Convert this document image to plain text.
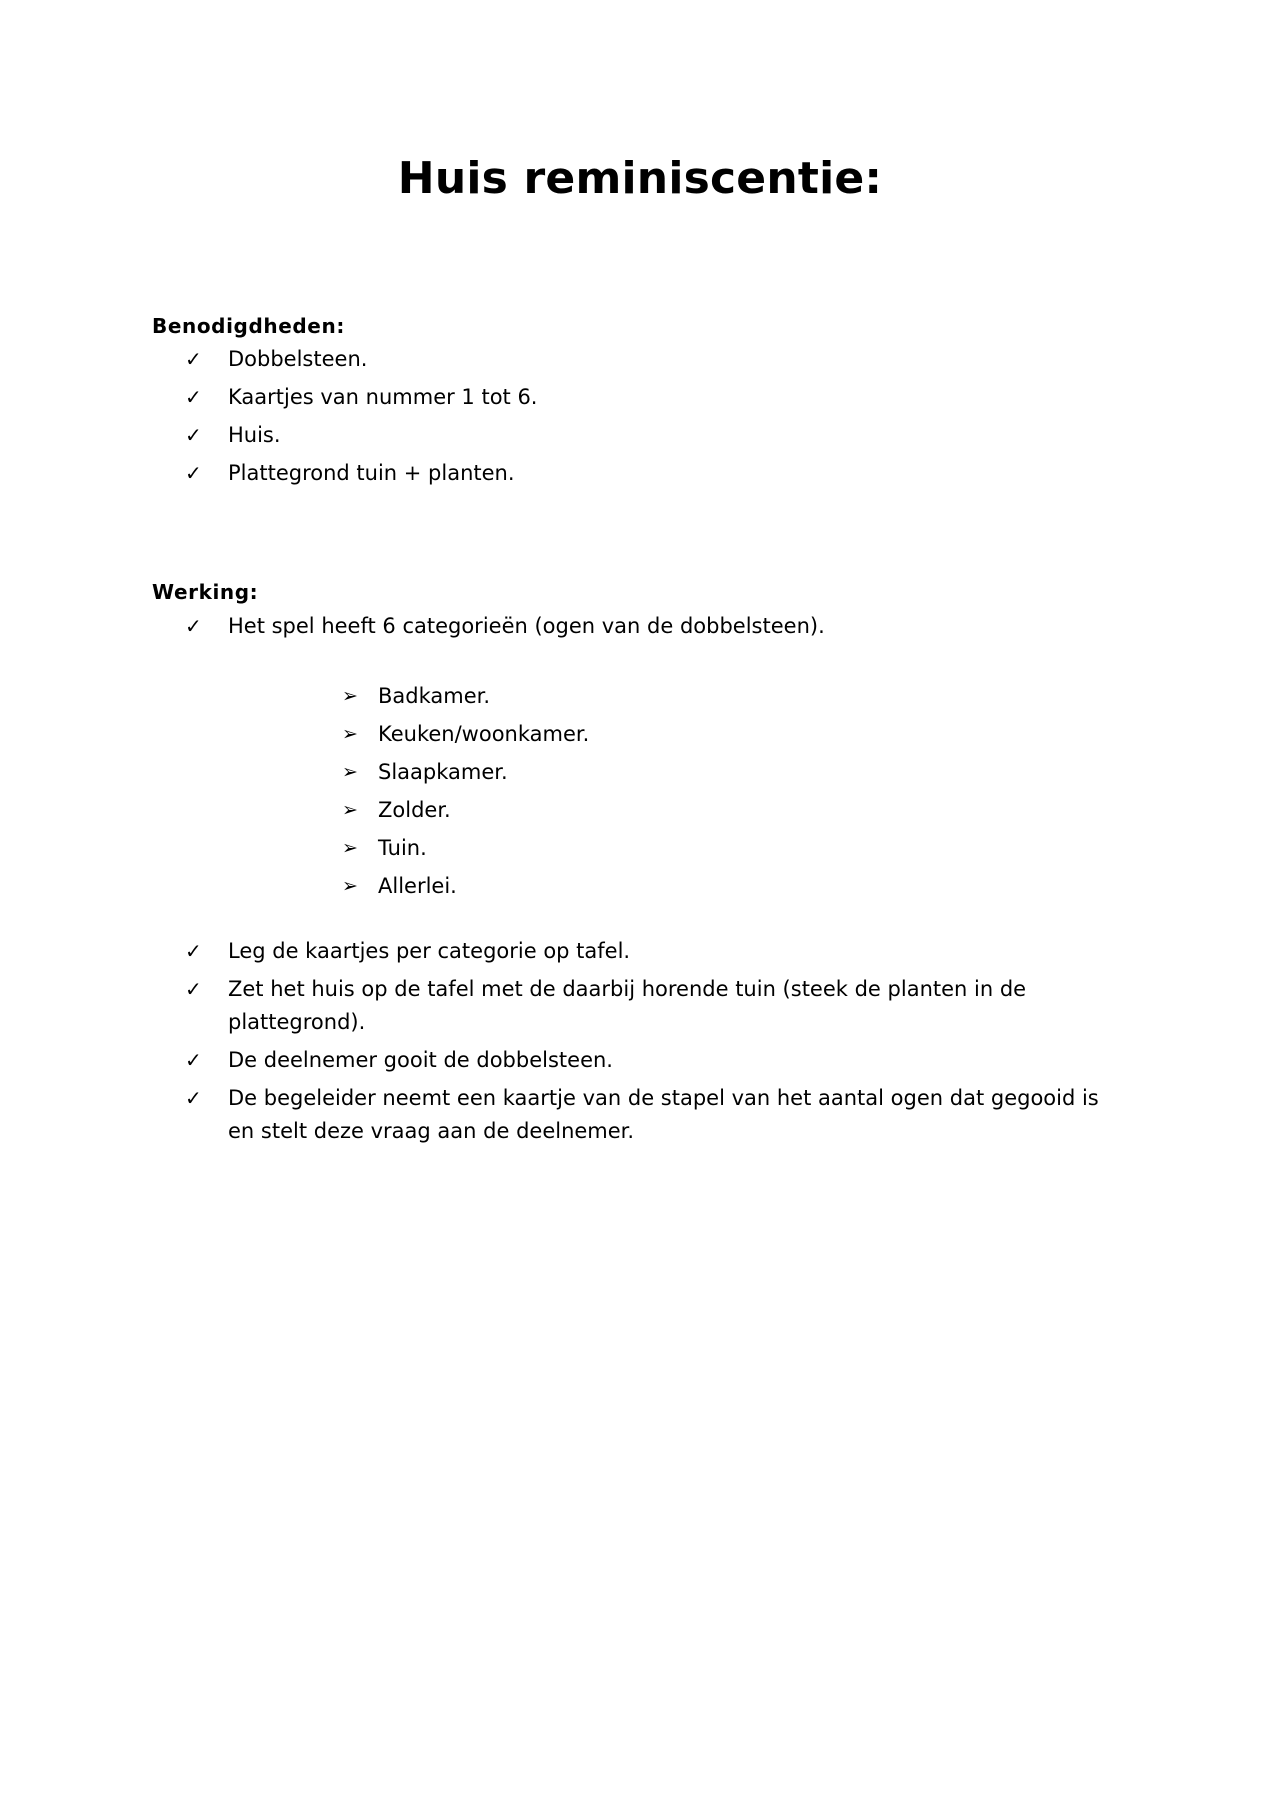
Huis reminiscentie:
Benodigdheden:
✓ Dobbelsteen.
✓ Kaartjes van nummer 1 tot 6.
✓ Huis.
✓ Plattegrond tuin + planten.
Werking:
✓ Het spel heeft 6 categorieën (ogen van de dobbelsteen).
➢ Badkamer.
➢ Keuken/woonkamer.
➢ Slaapkamer.
➢ Zolder.
➢ Tuin.
➢ Allerlei.
✓ Leg de kaartjes per categorie op tafel.
✓ Zet het huis op de tafel met de daarbij horende tuin (steek de planten in de plattegrond).
✓ De deelnemer gooit de dobbelsteen.
✓ De begeleider neemt een kaartje van de stapel van het aantal ogen dat gegooid is en stelt deze vraag aan de deelnemer.
